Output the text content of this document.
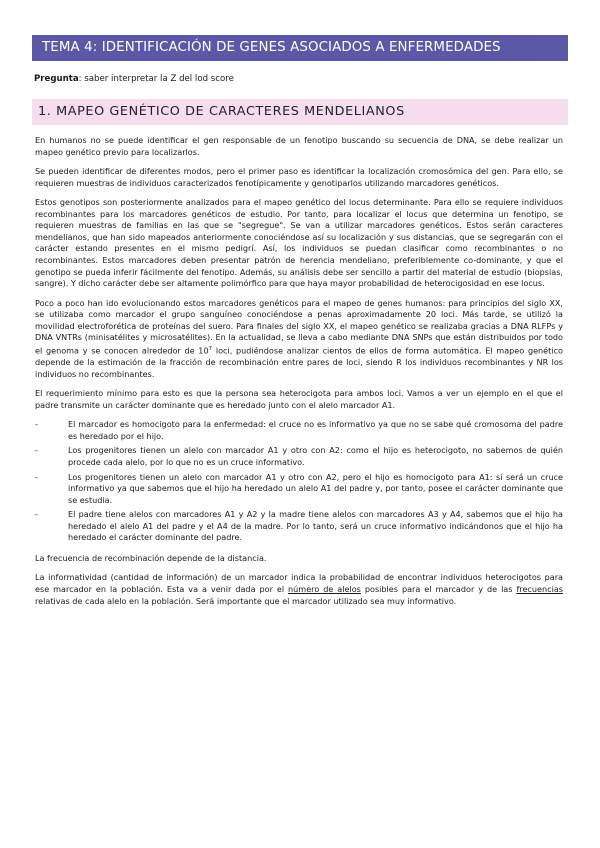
TEMA 4: IDENTIFICACIÓN DE GENES ASOCIADOS A ENFERMEDADES
Pregunta: saber interpretar la Z del lod score
1. MAPEO GENÉTICO DE CARACTERES MENDELIANOS

En humanos no se puede identificar el gen responsable de un fenotipo buscando su secuencia de DNA, se debe realizar un mapeo genético previo para localizarlos.

Se pueden identificar de diferentes modos, pero el primer paso es identificar la localización cromosómica del gen. Para ello, se requieren muestras de individuos caracterizados fenotípicamente y genotiparlos utilizando marcadores genéticos.

Estos genotipos son posteriormente analizados para el mapeo genético del locus determinante. Para ello se requiere individuos recombinantes para los marcadores genéticos de estudio. Por tanto, para localizar el locus que determina un fenotipo, se requieren muestras de familias en las que se "segregue". Se van a utilizar marcadores genéticos. Estos serán caracteres mendelianos, que han sido mapeados anteriormente conociéndose así su localización y sus distancias, que se segregarán con el carácter estando presentes en el mismo pedigrí. Así, los individuos se puedan clasificar como recombinantes o no recombinantes. Estos marcadores deben presentar patrón de herencia mendeliano, preferiblemente co-dominante, y que el genotipo se pueda inferir fácilmente del fenotipo. Además, su análisis debe ser sencillo a partir del material de estudio (biopsias, sangre). Y dicho carácter debe ser altamente polimórfico para que haya mayor probabilidad de heterocigosidad en ese locus.

Poco a poco han ido evolucionando estos marcadores genéticos para el mapeo de genes humanos: para principios del siglo XX, se utilizaba como marcador el grupo sanguíneo conociéndose a penas aproximadamente 20 loci. Más tarde, se utilizó la movilidad electroforética de proteínas del suero. Para finales del siglo XX, el mapeo genético se realizaba gracias a DNA RLFPs y DNA VNTRs (minisatélites y microsatélites). En la actualidad, se lleva a cabo mediante DNA SNPs que están distribuidos por todo el genoma y se conocen alrededor de $10^7$ loci, pudiéndose analizar cientos de ellos de forma automática. El mapeo genético depende de la estimación de la fracción de recombinación entre pares de loci, siendo R los individuos recombinantes y NR los individuos no recombinantes.

El requerimiento mínimo para esto es que la persona sea heterocigota para ambos loci. Vamos a ver un ejemplo en el que el padre transmite un carácter dominante que es heredado junto con el alelo marcador A1.

-	El marcador es homocigoto para la enfermedad: el cruce no es informativo ya que no se sabe qué cromosoma del padre es heredado por el hijo.
-	Los progenitores tienen un alelo con marcador A1 y otro con A2: como el hijo es heterocigoto, no sabemos de quién procede cada alelo, por lo que no es un cruce informativo.
-	Los progenitores tienen un alelo con marcador A1 y otro con A2, pero el hijo es homocigoto para A1: sí será un cruce informativo ya que sabemos que el hijo ha heredado un alelo A1 del padre y, por tanto, posee el carácter dominante que se estudia.
-	El padre tiene alelos con marcadores A1 y A2 y la madre tiene alelos con marcadores A3 y A4, sabemos que el hijo ha heredado el alelo A1 del padre y el A4 de la madre. Por lo tanto, será un cruce informativo indicándonos que el hijo ha heredado el carácter dominante del padre.

La frecuencia de recombinación depende de la distancia.

La informatividad (cantidad de información) de un marcador indica la probabilidad de encontrar individuos heterocigotos para ese marcador en la población. Esta va a venir dada por el número de alelos posibles para el marcador y de las frecuencias relativas de cada alelo en la población. Será importante que el marcador utilizado sea muy informativo.
